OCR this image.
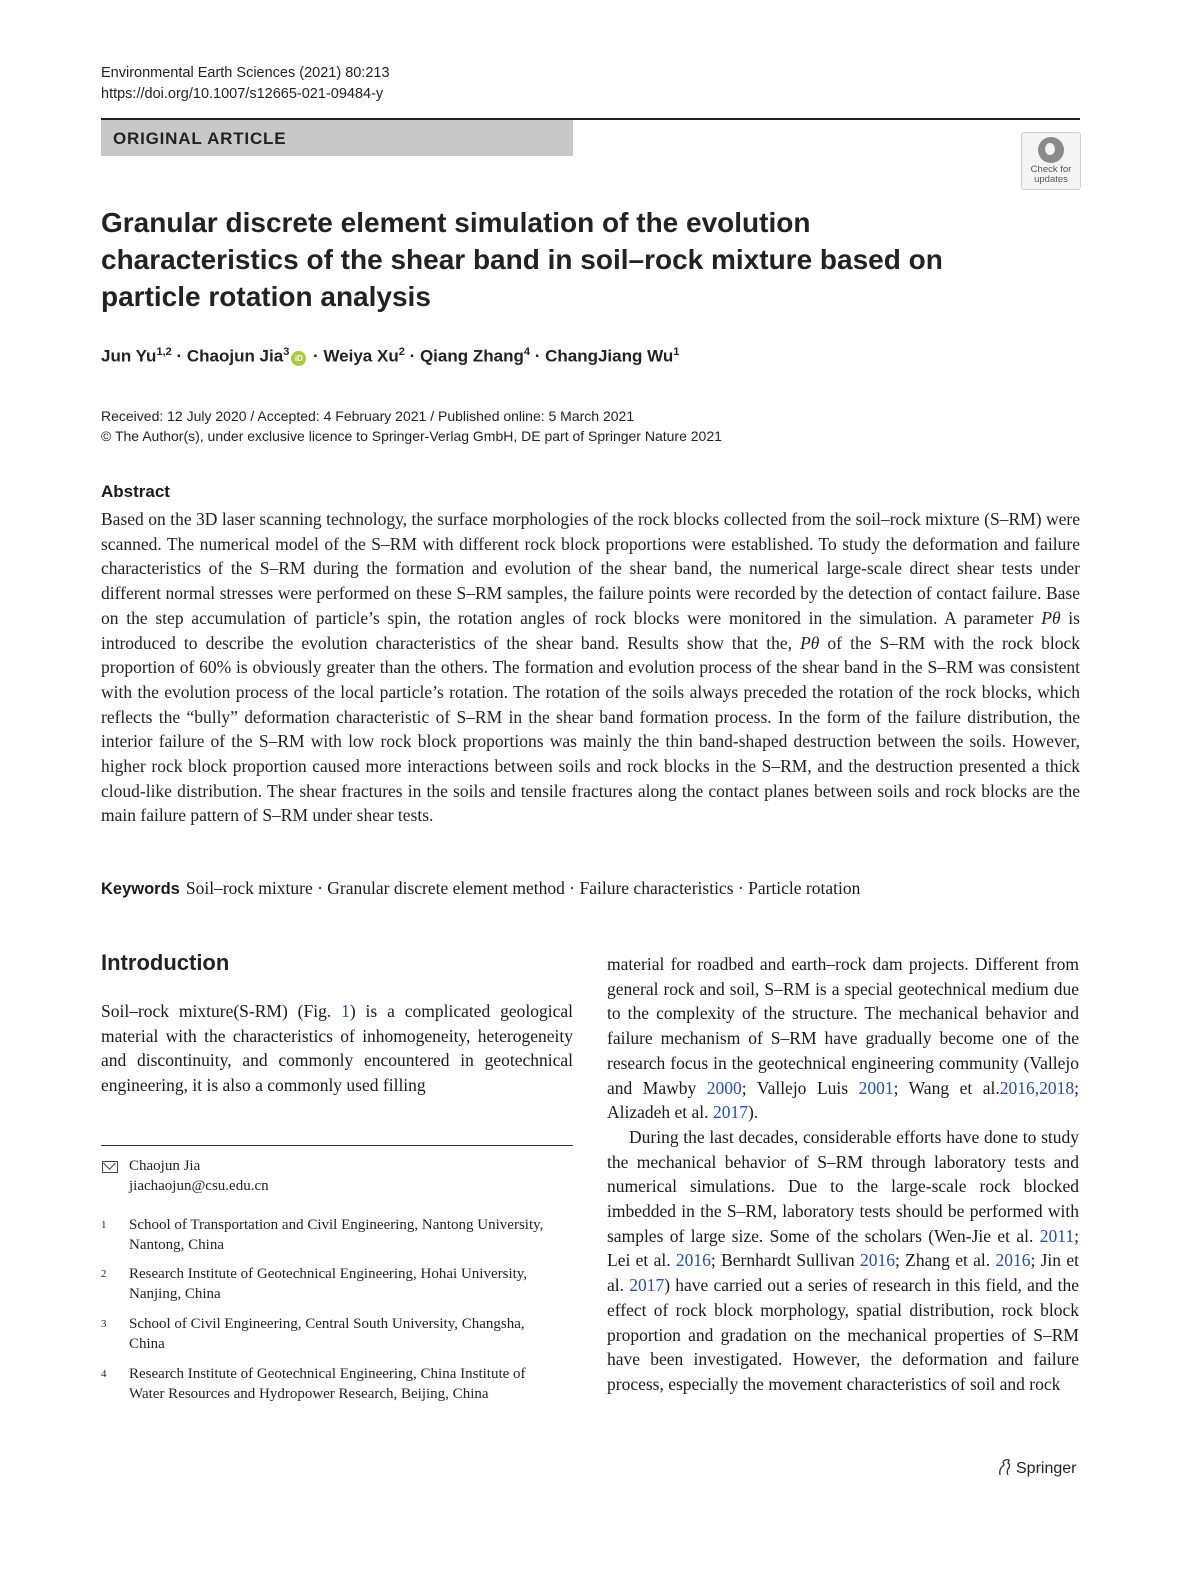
Environmental Earth Sciences (2021) 80:213
https://doi.org/10.1007/s12665-021-09484-y
ORIGINAL ARTICLE
Check for updates
Granular discrete element simulation of the evolution characteristics of the shear band in soil–rock mixture based on particle rotation analysis
Jun Yu$^{1,2}$ · Chaojun Jia$^3$iD · Weiya $Xu^2$ · Qiang Zhang$^4$ · ChangJiang Wu$^1$
Received: 12 July 2020 / Accepted: 4 February 2021 / Published online: 5 March 2021
© The Author(s), under exclusive licence to Springer-Verlag GmbH, DE part of Springer Nature 2021
Abstract

Based on the 3D laser scanning technology, the surface morphologies of the rock blocks collected from the soil–rock mixture (S–RM) were scanned. The numerical model of the S–RM with different rock block proportions were established. To study the deformation and failure characteristics of the S–RM during the formation and evolution of the shear band, the numerical large-scale direct shear tests under different normal stresses were performed on these S–RM samples, the failure points were recorded by the detection of contact failure. Base on the step accumulation of particle’s spin, the rotation angles of rock blocks were monitored in the simulation. A parameter Pθ is introduced to describe the evolution characteristics of the shear band. Results show that the, Pθ of the S–RM with the rock block proportion of 60% is obviously greater than the others. The formation and evolution process of the shear band in the S–RM was consistent with the evolution process of the local particle’s rotation. The rotation of the soils always preceded the rotation of the rock blocks, which reflects the “bully” deformation characteristic of S–RM in the shear band formation process. In the form of the failure distribution, the interior failure of the S–RM with low rock block proportions was mainly the thin band-shaped destruction between the soils. However, higher rock block proportion caused more interactions between soils and rock blocks in the S–RM, and the destruction presented a thick cloud-like distribution. The shear fractures in the soils and tensile fractures along the contact planes between soils and rock blocks are the main failure pattern of S–RM under shear tests.

Keywords Soil–rock mixture · Granular discrete element method · Failure characteristics · Particle rotation
Introduction

Soil–rock mixture(S-RM) (Fig. 1) is a complicated geological material with the characteristics of inhomogeneity, heterogeneity and discontinuity, and commonly encountered in geotechnical engineering, it is also a commonly used filling

Chaojun Jia
jiachaojun@csu.edu.cn
1 School of Transportation and Civil Engineering, Nantong University, Nantong, China
2 Research Institute of Geotechnical Engineering, Hohai University, Nanjing, China
3 School of Civil Engineering, Central South University, Changsha, China
4 Research Institute of Geotechnical Engineering, China Institute of Water Resources and Hydropower Research, Beijing, China

material for roadbed and earth–rock dam projects. Different from general rock and soil, S–RM is a special geotechnical medium due to the complexity of the structure. The mechanical behavior and failure mechanism of S–RM have gradually become one of the research focus in the geotechnical engineering community (Vallejo and Mawby 2000; Vallejo Luis 2001; Wang et al.2016,2018; Alizadeh et al. 2017).

During the last decades, considerable efforts have done to study the mechanical behavior of S–RM through laboratory tests and numerical simulations. Due to the large-scale rock blocked imbedded in the S–RM, laboratory tests should be performed with samples of large size. Some of the scholars (Wen-Jie et al. 2011; Lei et al. 2016; Bernhardt Sullivan 2016; Zhang et al. 2016; Jin et al. 2017) have carried out a series of research in this field, and the effect of rock block morphology, spatial distribution, rock block proportion and gradation on the mechanical properties of S–RM have been investigated. However, the deformation and failure process, especially the movement characteristics of soil and rock

Springer
